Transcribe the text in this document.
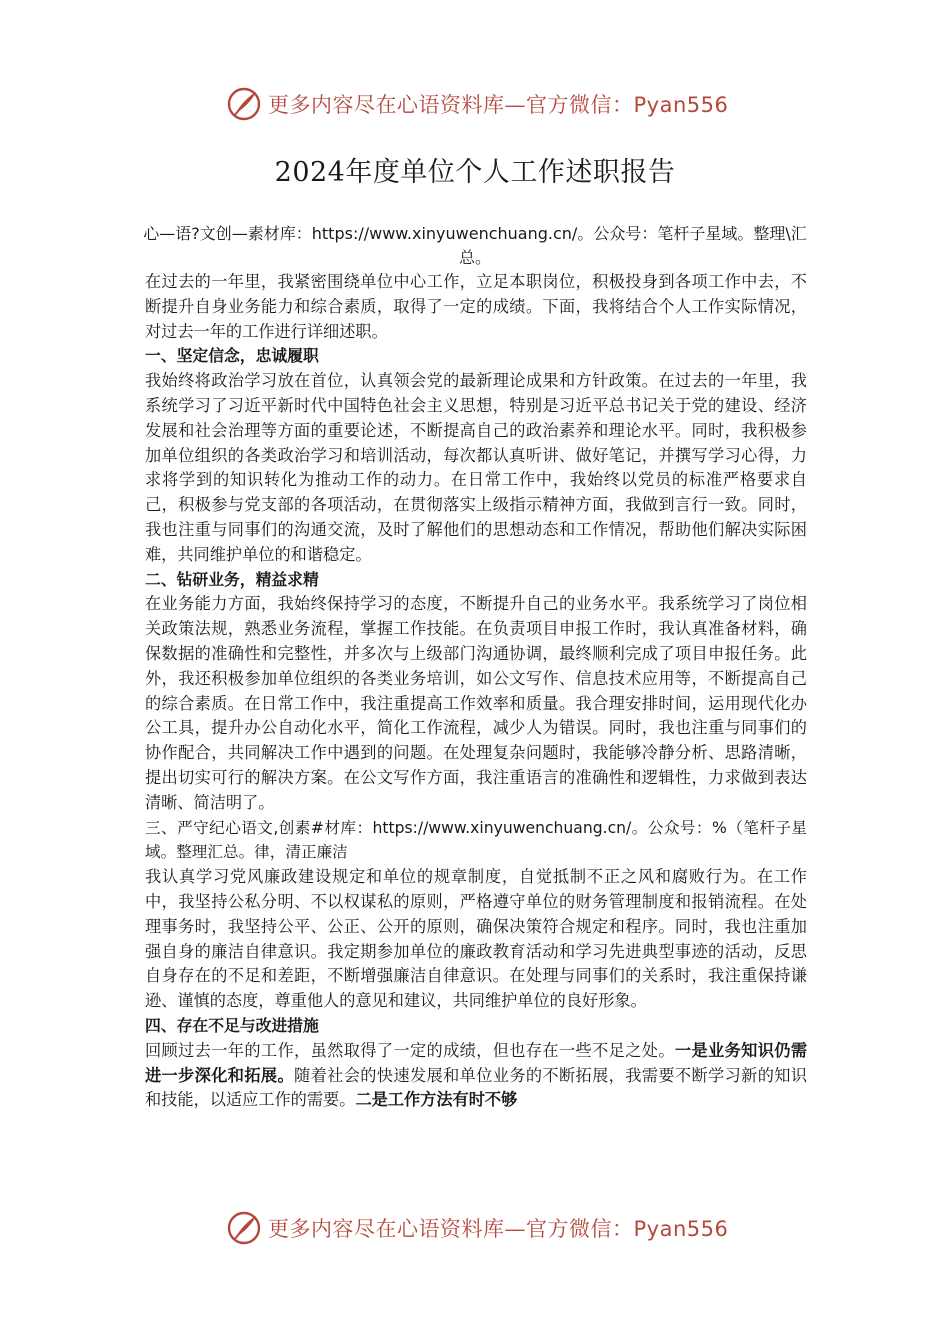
更多内容尽在心语资料库—官方微信：Pyan556
2024年度单位个人工作述职报告
心—语?文创—素材库：https://www.xinyuwenchuang.cn/。公众号：笔杆子星域。整理\汇总。

在过去的一年里，我紧密围绕单位中心工作，立足本职岗位，积极投身到各项工作中去，不断提升自身业务能力和综合素质，取得了一定的成绩。下面，我将结合个人工作实际情况，对过去一年的工作进行详细述职。

一、坚定信念，忠诚履职

我始终将政治学习放在首位，认真领会党的最新理论成果和方针政策。在过去的一年里，我系统学习了习近平新时代中国特色社会主义思想，特别是习近平总书记关于党的建设、经济发展和社会治理等方面的重要论述，不断提高自己的政治素养和理论水平。同时，我积极参加单位组织的各类政治学习和培训活动，每次都认真听讲、做好笔记，并撰写学习心得，力求将学到的知识转化为推动工作的动力。在日常工作中，我始终以党员的标准严格要求自己，积极参与党支部的各项活动，在贯彻落实上级指示精神方面，我做到言行一致。同时，我也注重与同事们的沟通交流，及时了解他们的思想动态和工作情况，帮助他们解决实际困难，共同维护单位的和谐稳定。

二、钻研业务，精益求精

在业务能力方面，我始终保持学习的态度，不断提升自己的业务水平。我系统学习了岗位相关政策法规，熟悉业务流程，掌握工作技能。在负责项目申报工作时，我认真准备材料，确保数据的准确性和完整性，并多次与上级部门沟通协调，最终顺利完成了项目申报任务。此外，我还积极参加单位组织的各类业务培训，如公文写作、信息技术应用等，不断提高自己的综合素质。在日常工作中，我注重提高工作效率和质量。我合理安排时间，运用现代化办公工具，提升办公自动化水平，简化工作流程，减少人为错误。同时，我也注重与同事们的协作配合，共同解决工作中遇到的问题。在处理复杂问题时，我能够冷静分析、思路清晰，提出切实可行的解决方案。在公文写作方面，我注重语言的准确性和逻辑性，力求做到表达清晰、简洁明了。

三、严守纪心语文,创素#材库：https://www.xinyuwenchuang.cn/。公众号：%（笔杆子星域。整理汇总。律，清正廉洁

我认真学习党风廉政建设规定和单位的规章制度，自觉抵制不正之风和腐败行为。在工作中，我坚持公私分明、不以权谋私的原则，严格遵守单位的财务管理制度和报销流程。在处理事务时，我坚持公平、公正、公开的原则，确保决策符合规定和程序。同时，我也注重加强自身的廉洁自律意识。我定期参加单位的廉政教育活动和学习先进典型事迹的活动，反思自身存在的不足和差距，不断增强廉洁自律意识。在处理与同事们的关系时，我注重保持谦逊、谨慎的态度，尊重他人的意见和建议，共同维护单位的良好形象。

四、存在不足与改进措施

回顾过去一年的工作，虽然取得了一定的成绩，但也存在一些不足之处。一是业务知识仍需进一步深化和拓展。随着社会的快速发展和单位业务的不断拓展，我需要不断学习新的知识和技能，以适应工作的需要。二是工作方法有时不够

更多内容尽在心语资料库—官方微信：Pyan556
